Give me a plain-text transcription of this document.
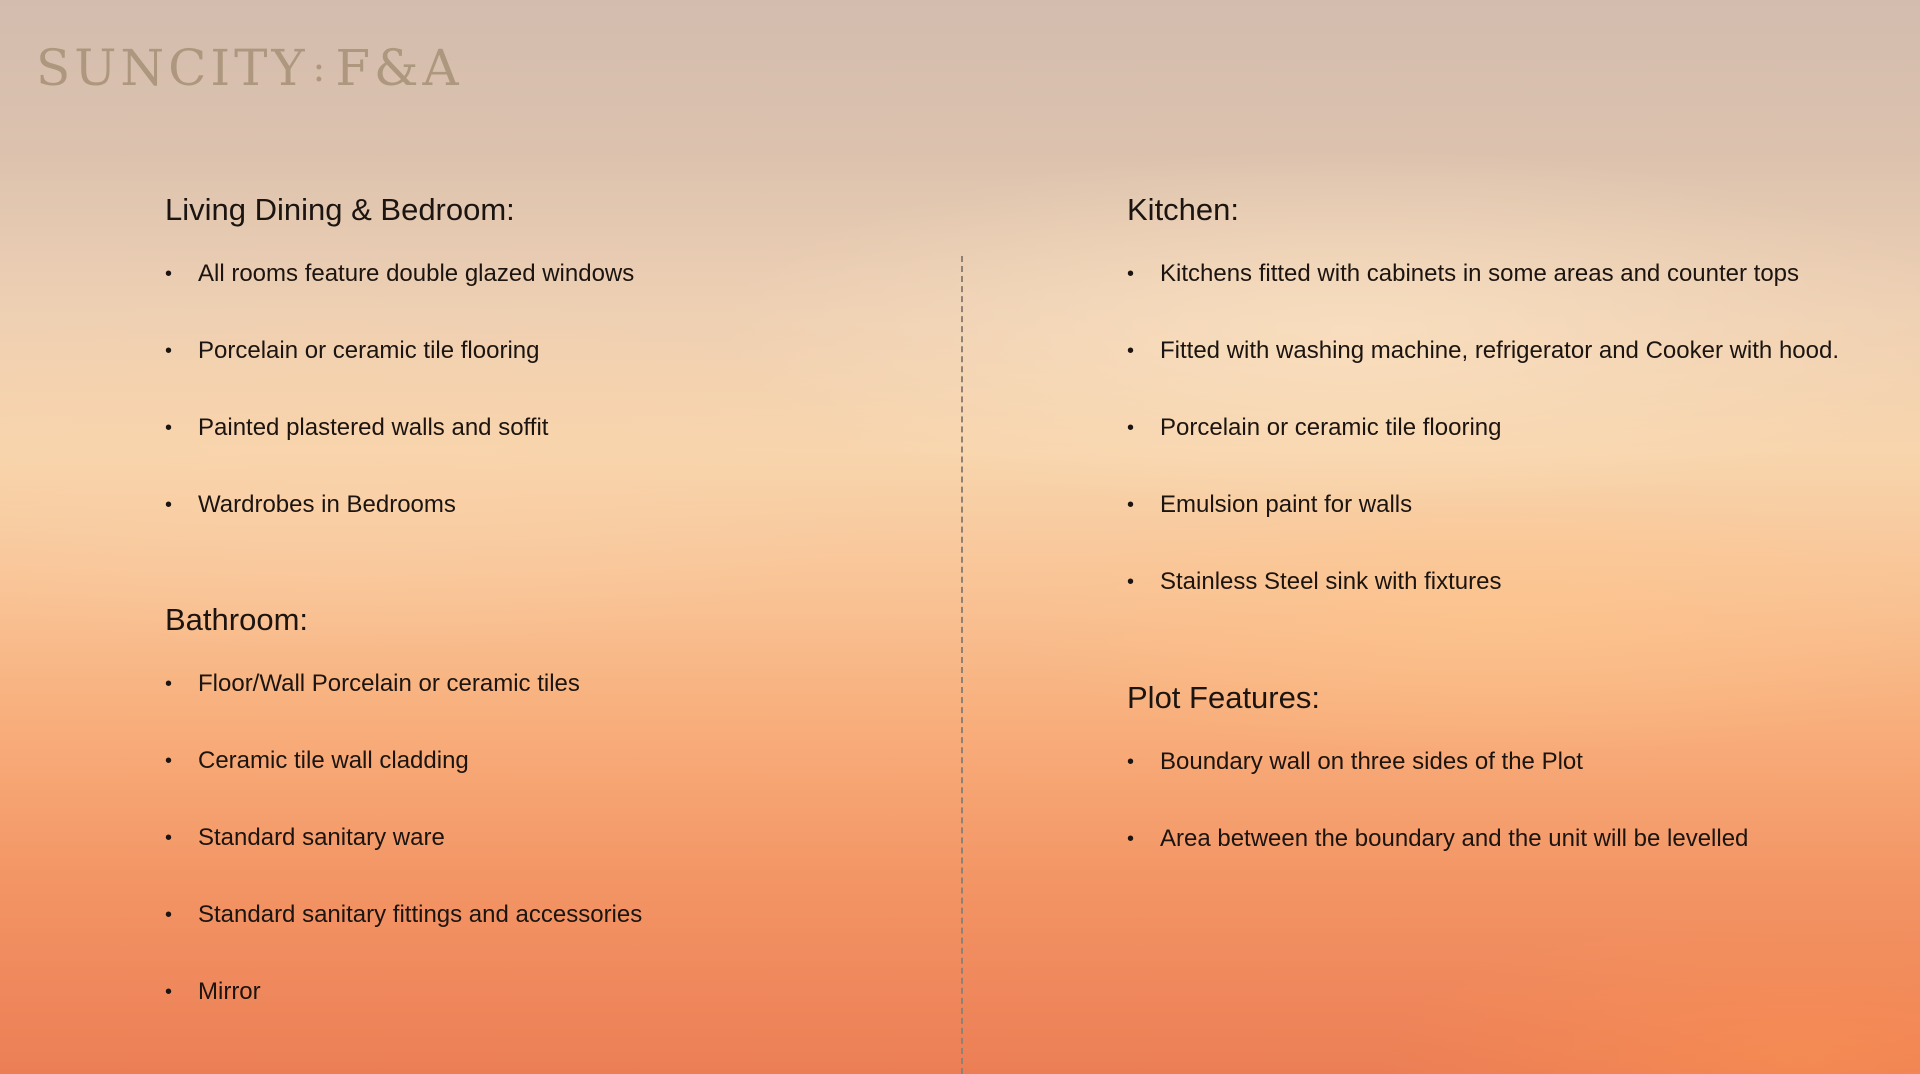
SUNCITY : F&A
Living Dining & Bedroom:
• All rooms feature double glazed windows
• Porcelain or ceramic tile flooring
• Painted plastered walls and soffit
• Wardrobes in Bedrooms
Bathroom:
• Floor/Wall Porcelain or ceramic tiles
• Ceramic tile wall cladding
• Standard sanitary ware
• Standard sanitary fittings and accessories
• Mirror
Kitchen:
• Kitchens fitted with cabinets in some areas and counter tops
• Fitted with washing machine, refrigerator and Cooker with hood.
• Porcelain or ceramic tile flooring
• Emulsion paint for walls
• Stainless Steel sink with fixtures
Plot Features:
• Boundary wall on three sides of the Plot
• Area between the boundary and the unit will be levelled
